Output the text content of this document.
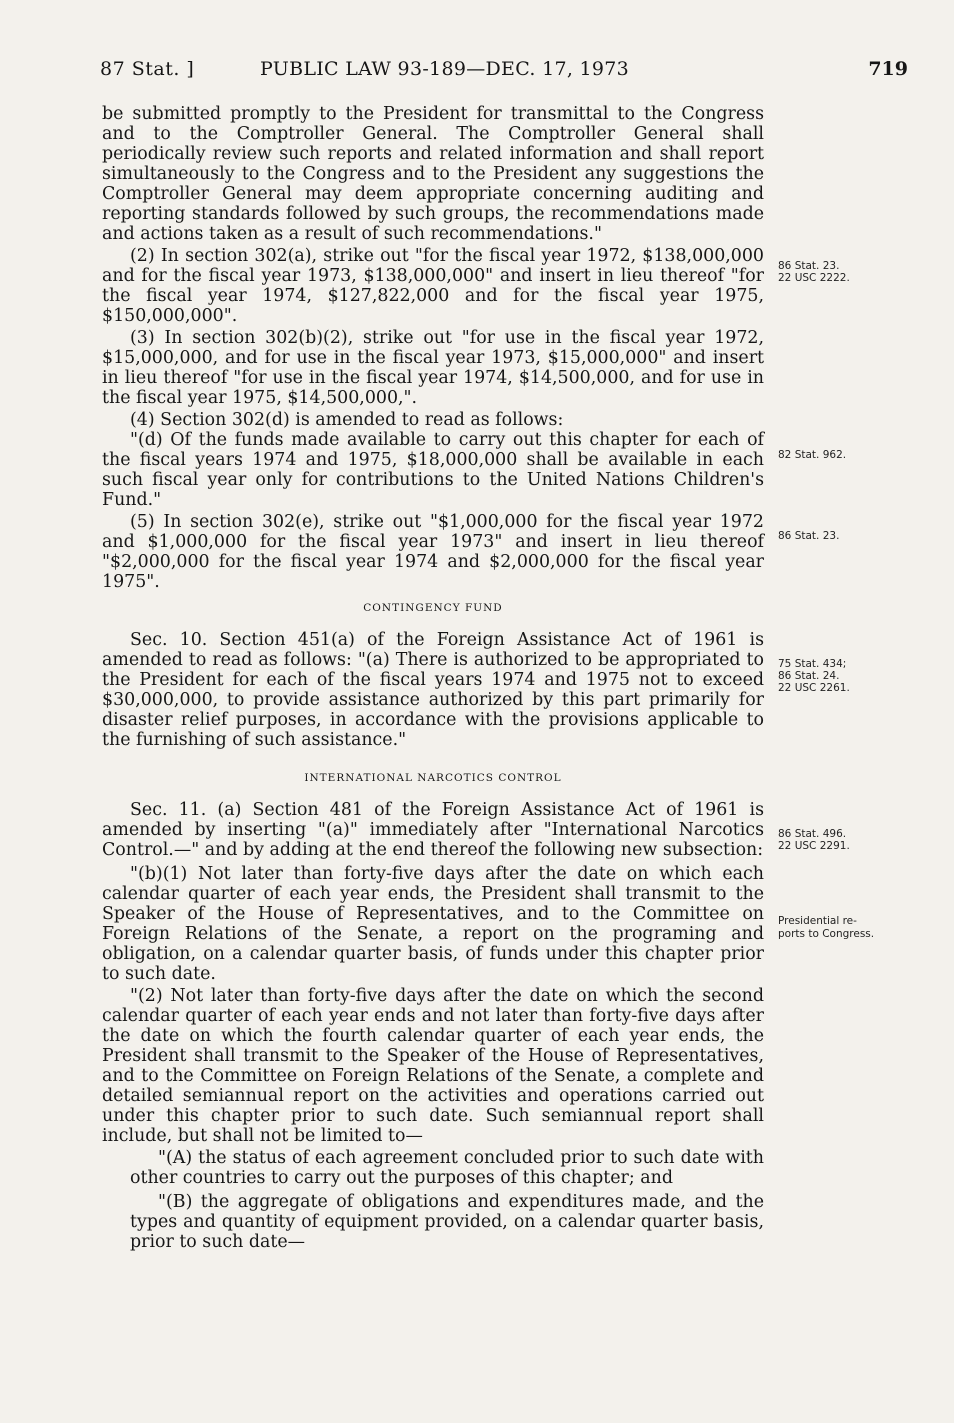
87 Stat. ]	PUBLIC LAW 93-189—DEC. 17, 1973	719

be submitted promptly to the President for transmittal to the Congress and to the Comptroller General. The Comptroller General shall periodically review such reports and related information and shall report simultaneously to the Congress and to the President any suggestions the Comptroller General may deem appropriate concerning auditing and reporting standards followed by such groups, the recommendations made and actions taken as a result of such recommendations."

(2) In section 302(a), strike out "for the fiscal year 1972, $138,000,000 and for the fiscal year 1973, $138,000,000" and insert in lieu thereof "for the fiscal year 1974, $127,822,000 and for the fiscal year 1975, $150,000,000".

(3) In section 302(b)(2), strike out "for use in the fiscal year 1972, $15,000,000, and for use in the fiscal year 1973, $15,000,000" and insert in lieu thereof "for use in the fiscal year 1974, $14,500,000, and for use in the fiscal year 1975, $14,500,000,".

(4) Section 302(d) is amended to read as follows:

"(d) Of the funds made available to carry out this chapter for each of the fiscal years 1974 and 1975, $18,000,000 shall be available in each such fiscal year only for contributions to the United Nations Children's Fund."

(5) In section 302(e), strike out "$1,000,000 for the fiscal year 1972 and $1,000,000 for the fiscal year 1973" and insert in lieu thereof "$2,000,000 for the fiscal year 1974 and $2,000,000 for the fiscal year 1975".

CONTINGENCY FUND

Sec. 10. Section 451(a) of the Foreign Assistance Act of 1961 is amended to read as follows: "(a) There is authorized to be appropriated to the President for each of the fiscal years 1974 and 1975 not to exceed $30,000,000, to provide assistance authorized by this part primarily for disaster relief purposes, in accordance with the provisions applicable to the furnishing of such assistance."

INTERNATIONAL NARCOTICS CONTROL

Sec. 11. (a) Section 481 of the Foreign Assistance Act of 1961 is amended by inserting "(a)" immediately after "International Narcotics Control.—" and by adding at the end thereof the following new subsection:

"(b)(1) Not later than forty-five days after the date on which each calendar quarter of each year ends, the President shall transmit to the Speaker of the House of Representatives, and to the Committee on Foreign Relations of the Senate, a report on the programing and obligation, on a calendar quarter basis, of funds under this chapter prior to such date.

"(2) Not later than forty-five days after the date on which the second calendar quarter of each year ends and not later than forty-five days after the date on which the fourth calendar quarter of each year ends, the President shall transmit to the Speaker of the House of Representatives, and to the Committee on Foreign Relations of the Senate, a complete and detailed semiannual report on the activities and operations carried out under this chapter prior to such date. Such semiannual report shall include, but shall not be limited to—

"(A) the status of each agreement concluded prior to such date with other countries to carry out the purposes of this chapter; and

"(B) the aggregate of obligations and expenditures made, and the types and quantity of equipment provided, on a calendar quarter basis, prior to such date—

86 Stat. 23.
22 USC 2222.
82 Stat. 962.
86 Stat. 23.
75 Stat. 434;
86 Stat. 24.
22 USC 2261.
86 Stat. 496.
22 USC 2291.
Presidential re-
ports to Congress.
